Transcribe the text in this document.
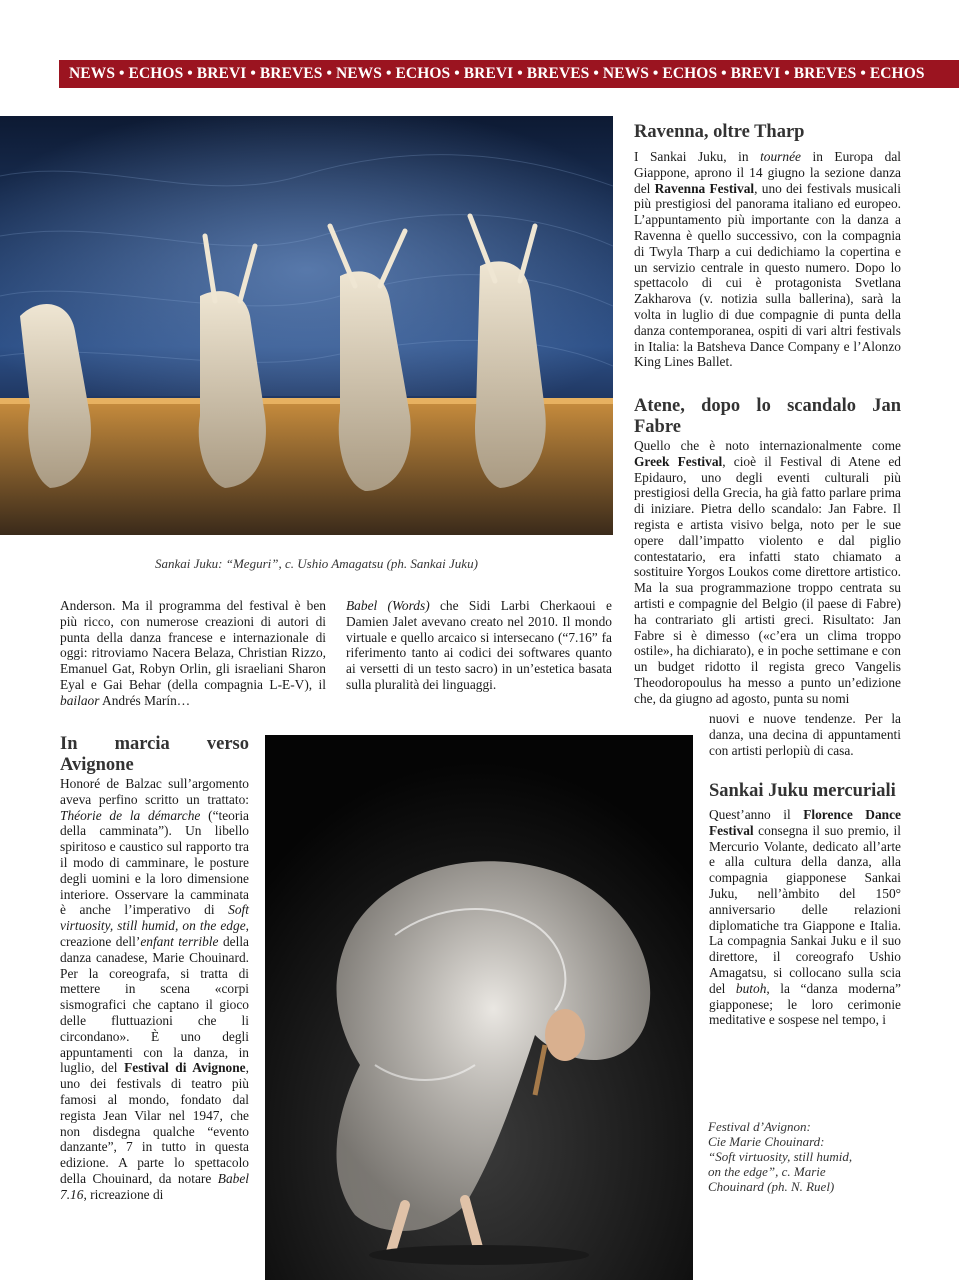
NEWS • ECHOS • BREVI • BREVES • NEWS • ECHOS • BREVI • BREVES • NEWS • ECHOS • BREVI • BREVES • ECHOS
Sankai Juku: “Meguri”, c. Ushio Amagatsu (ph. Sankai Juku)

Anderson. Ma il programma del festival è ben più ricco, con numerose creazioni di autori di punta della danza francese e internazionale di oggi: ritroviamo Nacera Belaza, Christian Rizzo, Emanuel Gat, Robyn Orlin, gli israeliani Sharon Eyal e Gai Behar (della compagnia L-E-V), il bailaor Andrés Marín…

Babel (Words) che Sidi Larbi Cherkaoui e Damien Jalet avevano creato nel 2010. Il mondo virtuale e quello arcaico si intersecano (“7.16” fa riferimento tanto ai codici dei softwares quanto ai versetti di un testo sacro) in un’estetica basata sulla pluralità dei linguaggi.

Ravenna, oltre Tharp

I Sankai Juku, in tournée in Europa dal Giappone, aprono il 14 giugno la sezione danza del Ravenna Festival, uno dei festivals musicali più prestigiosi del panorama italiano ed europeo. L’appuntamento più importante con la danza a Ravenna è quello successivo, con la compagnia di Twyla Tharp a cui dedichiamo la copertina e un servizio centrale in questo numero. Dopo lo spettacolo di cui è protagonista Svetlana Zakharova (v. notizia sulla ballerina), sarà la volta in luglio di due compagnie di punta della danza contemporanea, ospiti di vari altri festivals in Italia: la Batsheva Dance Company e l’Alonzo King Lines Ballet.

Atene, dopo lo scandalo Jan Fabre

Quello che è noto internazionalmente come Greek Festival, cioè il Festival di Atene ed Epidauro, uno degli eventi culturali più prestigiosi della Grecia, ha già fatto parlare prima di iniziare. Pietra dello scandalo: Jan Fabre. Il regista e artista visivo belga, noto per le sue opere dall’impatto violento e dal piglio contestatario, era infatti stato chiamato a sostituire Yorgos Loukos come direttore artistico. Ma la sua programmazione troppo centrata su artisti e compagnie del Belgio (il paese di Fabre) ha contrariato gli artisti greci. Risultato: Jan Fabre si è dimesso («c’era un clima troppo ostile», ha dichiarato), e in poche settimane e con un budget ridotto il regista greco Vangelis Theodoropoulus ha messo a punto un’edizione che, da giugno ad agosto, punta su nomi

nuovi e nuove tendenze. Per la danza, una decina di appuntamenti con artisti perlopiù di casa.

Sankai Juku mercuriali

Quest’anno il Florence Dance Festival consegna il suo premio, il Mercurio Volante, dedicato all’arte e alla cultura della danza, alla compagnia giapponese Sankai Juku, nell’àmbito del 150° anniversario delle relazioni diplomatiche tra Giappone e Italia. La compagnia Sankai Juku e il suo direttore, il coreografo Ushio Amagatsu, si collocano sulla scia del butoh, la “danza moderna” giapponese; le loro cerimonie meditative e sospese nel tempo, i

In marcia verso Avignone

Honoré de Balzac sull’argomento aveva perfino scritto un trattato: Théorie de la démarche (“teoria della camminata”). Un libello spiritoso e caustico sul rapporto tra il modo di camminare, le posture degli uomini e la loro dimensione interiore. Osservare la camminata è anche l’imperativo di Soft virtuosity, still humid, on the edge, creazione dell’enfant terrible della danza canadese, Marie Chouinard. Per la coreografa, si tratta di mettere in scena «corpi sismografici che captano il gioco delle fluttuazioni che li circondano». È uno degli appuntamenti con la danza, in luglio, del Festival di Avignone, uno dei festivals di teatro più famosi al mondo, fondato dal regista Jean Vilar nel 1947, che non disdegna qualche “evento danzante”, 7 in tutto in questa edizione. A parte lo spettacolo della Chouinard, da notare Babel 7.16, ricreazione di

Festival d’Avignon:
Cie Marie Chouinard:
“Soft virtuosity, still humid,
on the edge”, c. Marie
Chouinard (ph. N. Ruel)
